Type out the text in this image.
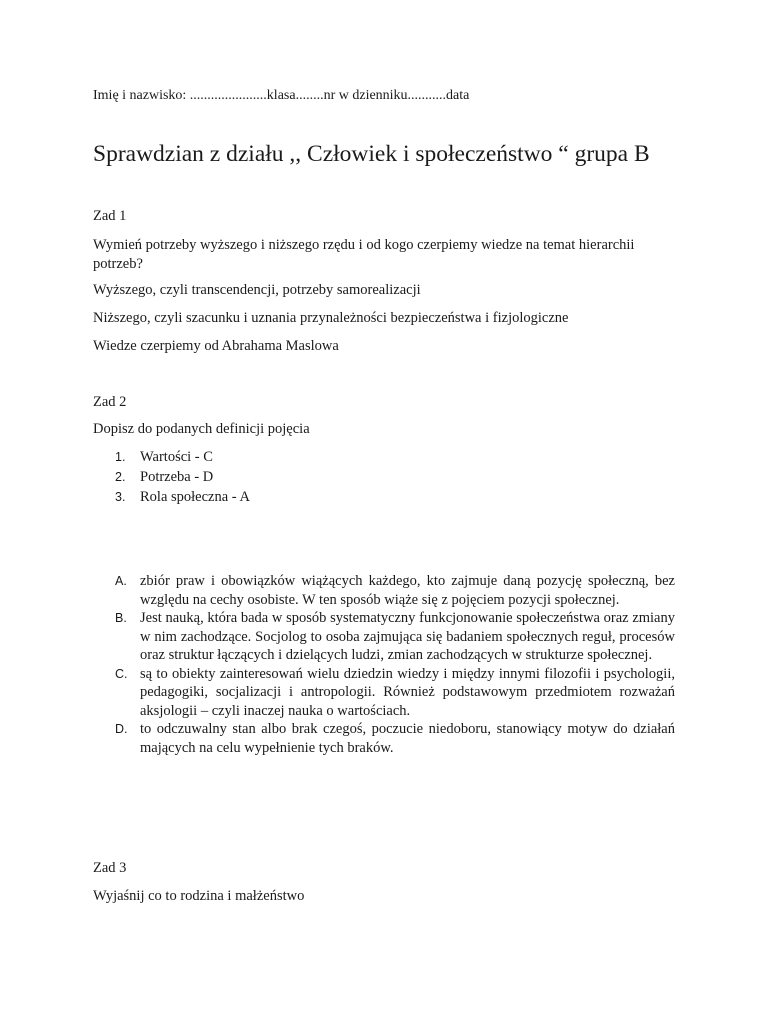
Imię i nazwisko: ......................klasa........nr w dzienniku...........data
Sprawdzian z działu ,, Człowiek i społeczeństwo “ grupa B
Zad 1
Wymień potrzeby wyższego i niższego rzędu i od kogo czerpiemy wiedze na temat hierarchii potrzeb?
Wyższego, czyli transcendencji, potrzeby samorealizacji
Niższego, czyli szacunku i uznania przynależności bezpieczeństwa i fizjologiczne
Wiedze czerpiemy od Abrahama Maslowa
Zad 2
Dopisz do podanych definicji pojęcia
1. Wartości - C
2. Potrzeba - D
3. Rola społeczna - A
A. zbiór praw i obowiązków wiążących każdego, kto zajmuje daną pozycję społeczną, bez względu na cechy osobiste. W ten sposób wiąże się z pojęciem pozycji społecznej.
B. Jest nauką, która bada w sposób systematyczny funkcjonowanie społeczeństwa oraz zmiany w nim zachodzące. Socjolog to osoba zajmująca się badaniem społecznych reguł, procesów oraz struktur łączących i dzielących ludzi, zmian zachodzących w strukturze społecznej.
C. są to obiekty zainteresowań wielu dziedzin wiedzy i między innymi filozofii i psychologii, pedagogiki, socjalizacji i antropologii. Również podstawowym przedmiotem rozważań aksjologii – czyli inaczej nauka o wartościach.
D. to odczuwalny stan albo brak czegoś, poczucie niedoboru, stanowiący motyw do działań mających na celu wypełnienie tych braków.
Zad 3
Wyjaśnij co to rodzina i małżeństwo
